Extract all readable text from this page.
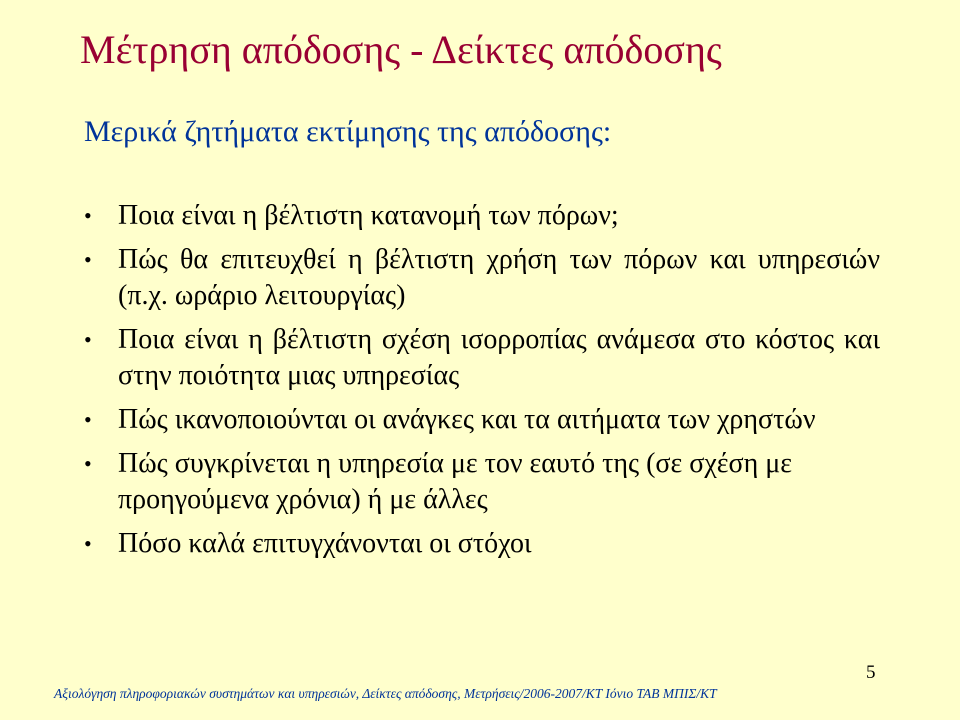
Μέτρηση απόδοσης - Δείκτες απόδοσης
Μερικά ζητήματα εκτίμησης της απόδοσης:
• Ποια είναι η βέλτιστη κατανομή των πόρων;
• Πώς θα επιτευχθεί η βέλτιστη χρήση των πόρων και υπηρεσιών (π.χ. ωράριο λειτουργίας)
• Ποια είναι η βέλτιστη σχέση ισορροπίας ανάμεσα στο κόστος και στην ποιότητα μιας υπηρεσίας
• Πώς ικανοποιούνται οι ανάγκες και τα αιτήματα των χρηστών
• Πώς συγκρίνεται η υπηρεσία με τον εαυτό της (σε σχέση με προηγούμενα χρόνια) ή με άλλες
• Πόσο καλά επιτυγχάνονται οι στόχοι
Αξιολόγηση πληροφοριακών συστημάτων και υπηρεσιών, Δείκτες απόδοσης, Μετρήσεις/2006-2007/ΚΤ Ιόνιο ΤΑΒ ΜΠΙΣ/ΚΤ
5
